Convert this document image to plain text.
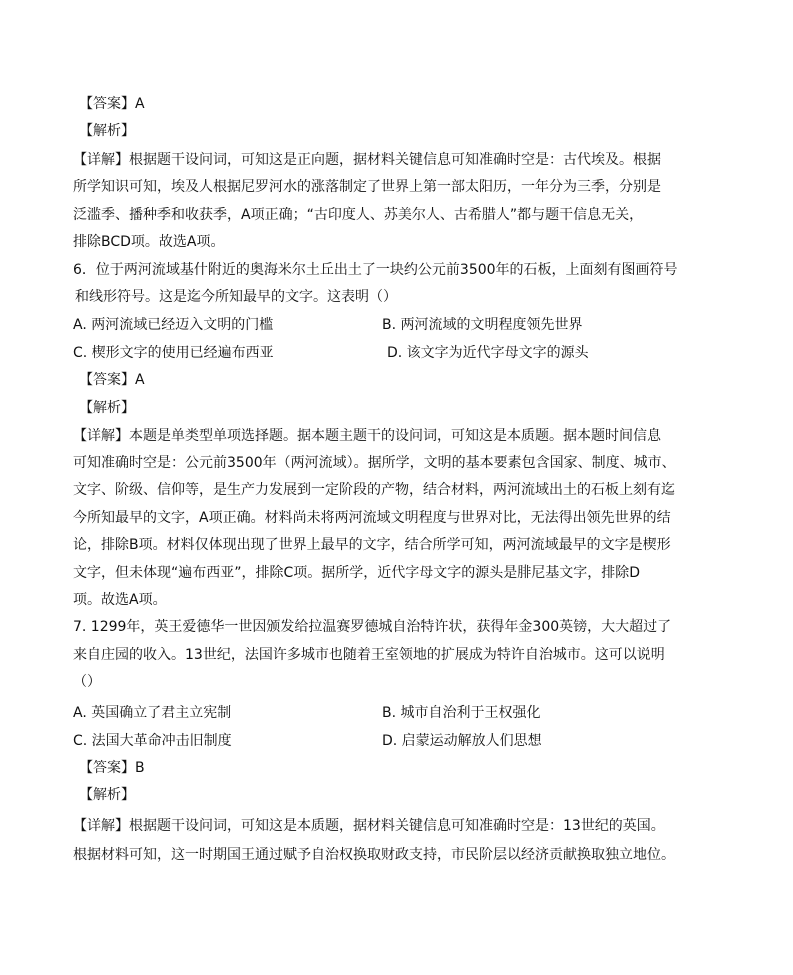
【答案】A
【解析】
【详解】根据题干设问词，可知这是正向题，据材料关键信息可知准确时空是：古代埃及。根据
所学知识可知，埃及人根据尼罗河水的涨落制定了世界上第一部太阳历，一年分为三季，分别是
泛滥季、播种季和收获季，A项正确；“古印度人、苏美尔人、古希腊人”都与题干信息无关，
排除BCD项。故选A项。
6．位于两河流域基什附近的奥海米尔土丘出土了一块约公元前3500年的石板，上面刻有图画符号
和线形符号。这是迄今所知最早的文字。这表明（）
A. 两河流域已经迈入文明的门槛	B. 两河流域的文明程度领先世界
C. 楔形文字的使用已经遍布西亚	D. 该文字为近代字母文字的源头
【答案】A
【解析】
【详解】本题是单类型单项选择题。据本题主题干的设问词，可知这是本质题。据本题时间信息
可知准确时空是：公元前3500年（两河流域）。据所学，文明的基本要素包含国家、制度、城市、
文字、阶级、信仰等，是生产力发展到一定阶段的产物，结合材料，两河流域出土的石板上刻有迄
今所知最早的文字，A项正确。材料尚未将两河流域文明程度与世界对比，无法得出领先世界的结
论，排除B项。材料仅体现出现了世界上最早的文字，结合所学可知，两河流域最早的文字是楔形
文字，但未体现“遍布西亚”，排除C项。据所学，近代字母文字的源头是腓尼基文字，排除D
项。故选A项。
7. 1299年，英王爱德华一世因颁发给拉温赛罗德城自治特许状，获得年金300英镑，大大超过了
来自庄园的收入。13世纪，法国许多城市也随着王室领地的扩展成为特许自治城市。这可以说明
（）
A. 英国确立了君主立宪制	B. 城市自治利于王权强化
C. 法国大革命冲击旧制度	D. 启蒙运动解放人们思想
【答案】B
【解析】
【详解】根据题干设问词，可知这是本质题，据材料关键信息可知准确时空是：13世纪的英国。
根据材料可知，这一时期国王通过赋予自治权换取财政支持，市民阶层以经济贡献换取独立地位。
